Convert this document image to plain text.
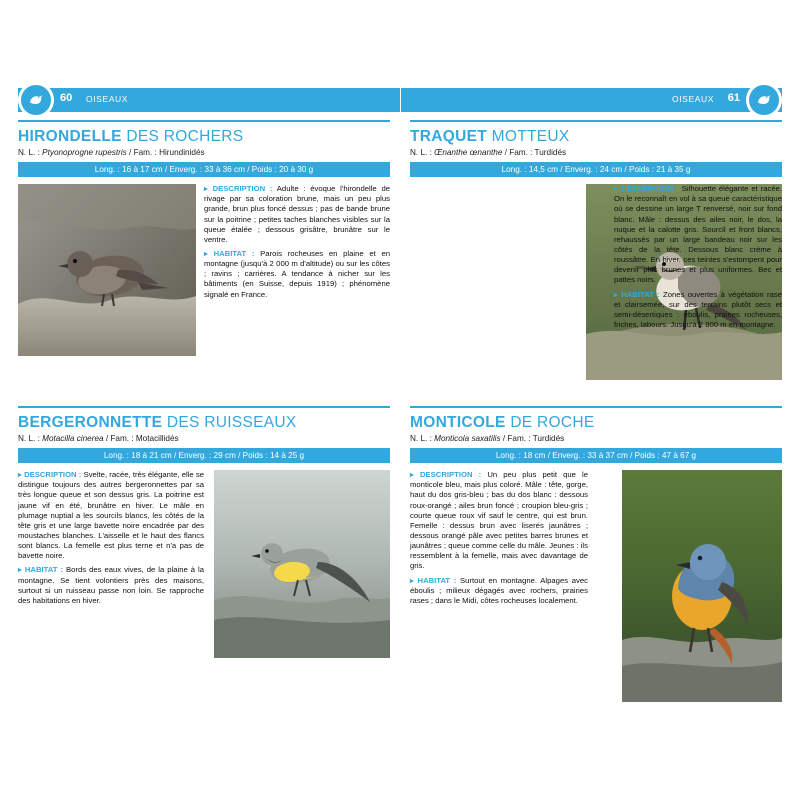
60 OISEAUX	61
OISEAUX
HIRONDELLE DES ROCHERS
N. L. : Ptyonoprogne rupestris / Fam. : Hirundinidés
Long. : 16 à 17 cm / Enverg. : 33 à 36 cm / Poids : 20 à 30 g

▸ DESCRIPTION : Adulte : évoque l'hirondelle de rivage par sa coloration brune, mais un peu plus grande, brun plus foncé dessus ; pas de bande brune sur la poitrine ; petites taches blanches visibles sur la queue étalée ; dessous grisâtre, brunâtre sur le ventre.

▸ HABITAT : Parois rocheuses en plaine et en montagne (jusqu'à 2 000 m d'altitude) ou sur les côtes ; ravins ; carrières. A tendance à nicher sur les bâtiments (en Suisse, depuis 1919) ; phénomène signalé en France.

BERGERONNETTE DES RUISSEAUX
N. L. : Motacilla cinerea / Fam. : Motacillidés
Long. : 18 à 21 cm / Enverg. : 29 cm / Poids : 14 à 25 g

▸ DESCRIPTION : Svelte, racée, très élégante, elle se distingue toujours des autres bergeronnettes par sa très longue queue et son dessus gris. La poitrine est jaune vif en été, brunâtre en hiver. Le mâle en plumage nuptial a les sourcils blancs, les côtés de la tête gris et une large bavette noire encadrée par des moustaches blanches. L'aisselle et le haut des flancs sont blancs. La femelle est plus terne et n'a pas de bavette noire.

▸ HABITAT : Bords des eaux vives, de la plaine à la montagne. Se tient volontiers près des maisons, surtout si un ruisseau passe non loin. Se rapproche des habitations en hiver.

TRAQUET MOTTEUX
N. L. : Œnanthe œnanthe / Fam. : Turdidés
Long. : 14,5 cm / Enverg. : 24 cm / Poids : 21 à 35 g

▸ DESCRIPTION : Silhouette élégante et racée. On le reconnaît en vol à sa queue caractéristique où se dessine un large T renversé, noir sur fond blanc. Mâle : dessus des ailes noir, le dos, la nuque et la calotte gris. Sourcil et front blancs, rehaussés par un large bandeau noir sur les côtés de la tête. Dessous blanc crème à roussâtre. En hiver, ces teintes s'estompent pour devenir plus brunes et plus uniformes. Bec et pattes noirs.

▸ HABITAT : Zones ouvertes à végétation rase et clairsemée, sur des terrains plutôt secs et semi-désertiques : éboulis, prairies rocheuses, friches, labours. Jusqu'à 2 800 m en montagne.

MONTICOLE DE ROCHE
N. L. : Monticola saxatilis / Fam. : Turdidés
Long. : 18 cm / Enverg. : 33 à 37 cm / Poids : 47 à 67 g

▸ DESCRIPTION : Un peu plus petit que le monticole bleu, mais plus coloré. Mâle : tête, gorge, haut du dos gris-bleu ; bas du dos blanc : dessous roux-orangé ; ailes brun foncé ; croupion bleu-gris ; courte queue roux vif sauf le centre, qui est brun. Femelle : dessus brun avec liserés jaunâtres ; dessous orangé pâle avec petites barres brunes et jaunâtres ; queue comme celle du mâle. Jeunes : ils ressemblent à la femelle, mais avec davantage de gris.

▸ HABITAT : Surtout en montagne. Alpages avec éboulis ; milieux dégagés avec rochers, prairies rases ; dans le Midi, côtes rocheuses localement.
